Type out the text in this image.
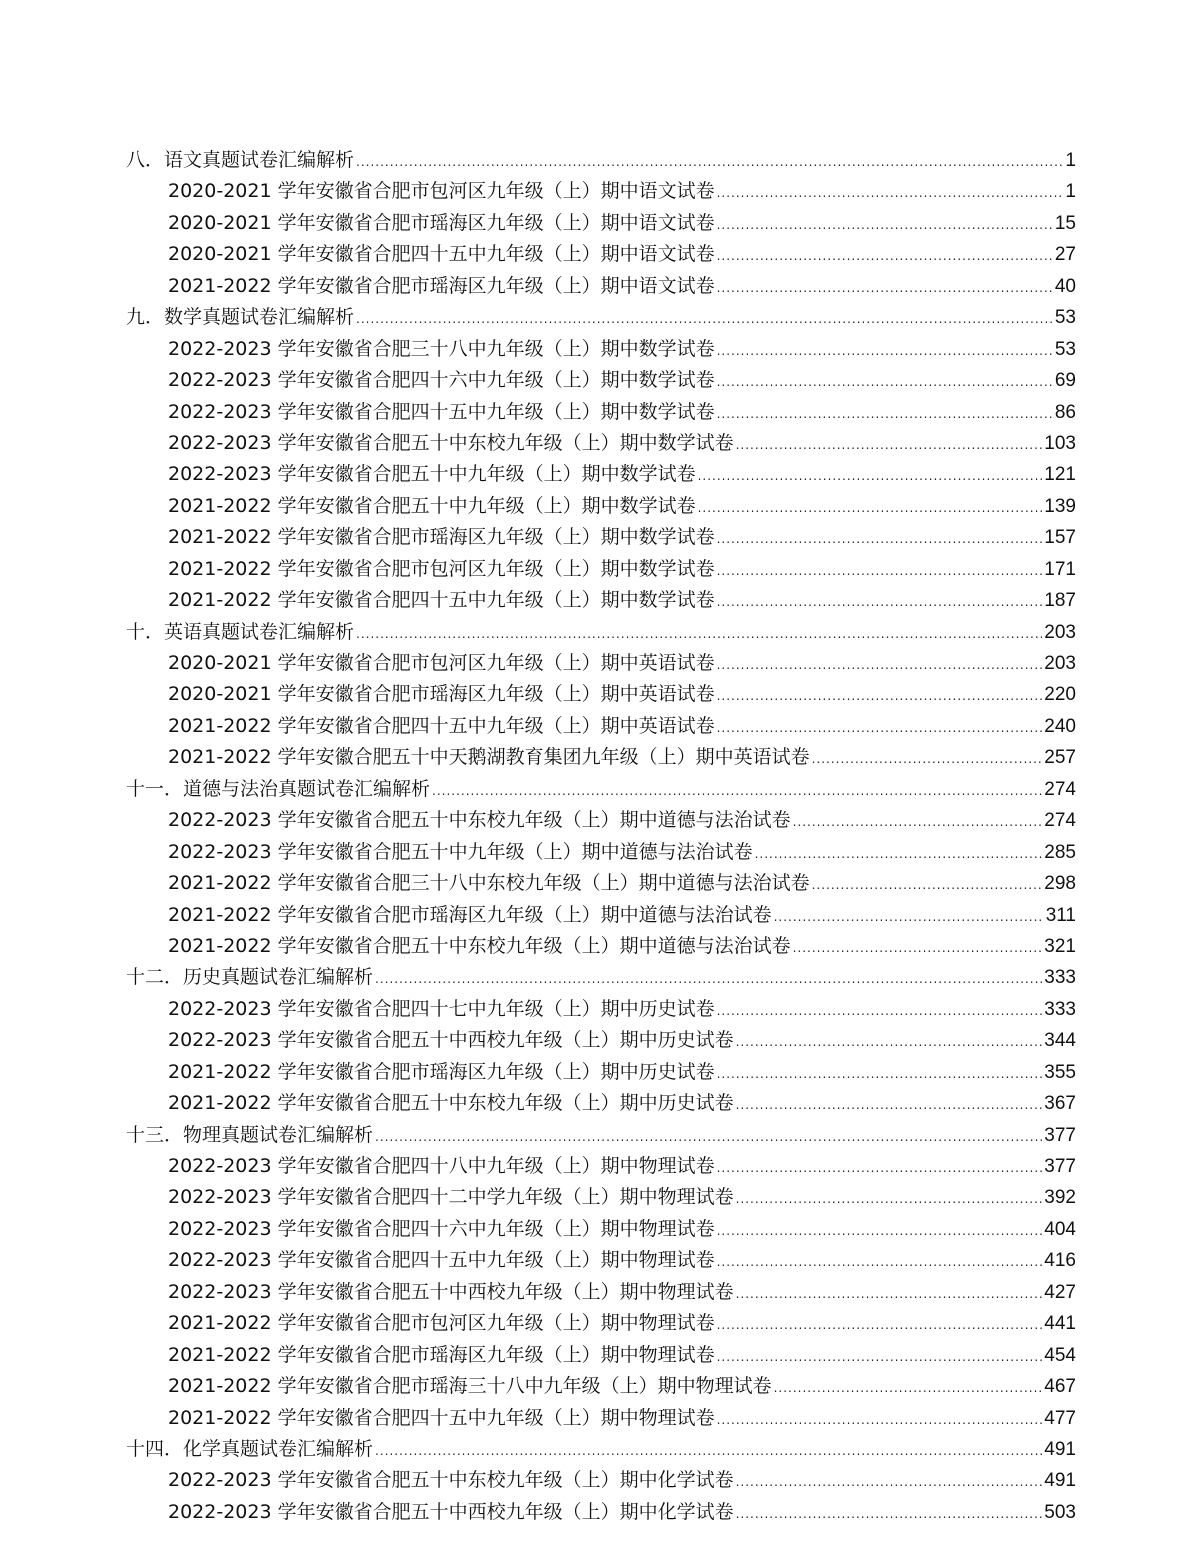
八．语文真题试卷汇编解析 .....	1
2020-2021 学年安徽省合肥市包河区九年级（上）期中语文试卷 .....	1
2020-2021 学年安徽省合肥市瑶海区九年级（上）期中语文试卷 .....	15
2020-2021 学年安徽省合肥四十五中九年级（上）期中语文试卷 .....	27
2021-2022 学年安徽省合肥市瑶海区九年级（上）期中语文试卷 .....	40
九．数学真题试卷汇编解析 .....	53
2022-2023 学年安徽省合肥三十八中九年级（上）期中数学试卷 .....	53
2022-2023 学年安徽省合肥四十六中九年级（上）期中数学试卷 .....	69
2022-2023 学年安徽省合肥四十五中九年级（上）期中数学试卷 .....	86
2022-2023 学年安徽省合肥五十中东校九年级（上）期中数学试卷 .....	103
2022-2023 学年安徽省合肥五十中九年级（上）期中数学试卷 .....	121
2021-2022 学年安徽省合肥五十中九年级（上）期中数学试卷 .....	139
2021-2022 学年安徽省合肥市瑶海区九年级（上）期中数学试卷 .....	157
2021-2022 学年安徽省合肥市包河区九年级（上）期中数学试卷 .....	171
2021-2022 学年安徽省合肥四十五中九年级（上）期中数学试卷 .....	187
十．英语真题试卷汇编解析 .....	203
2020-2021 学年安徽省合肥市包河区九年级（上）期中英语试卷 .....	203
2020-2021 学年安徽省合肥市瑶海区九年级（上）期中英语试卷 .....	220
2021-2022 学年安徽省合肥四十五中九年级（上）期中英语试卷 .....	240
2021-2022 学年安徽合肥五十中天鹅湖教育集团九年级（上）期中英语试卷 .....	257
十一．道德与法治真题试卷汇编解析 .....	274
2022-2023 学年安徽省合肥五十中东校九年级（上）期中道德与法治试卷 .....	274
2022-2023 学年安徽省合肥五十中九年级（上）期中道德与法治试卷 .....	285
2021-2022 学年安徽省合肥三十八中东校九年级（上）期中道德与法治试卷 .....	298
2021-2022 学年安徽省合肥市瑶海区九年级（上）期中道德与法治试卷 .....	311
2021-2022 学年安徽省合肥五十中东校九年级（上）期中道德与法治试卷 .....	321
十二．历史真题试卷汇编解析 .....	333
2022-2023 学年安徽省合肥四十七中九年级（上）期中历史试卷 .....	333
2022-2023 学年安徽省合肥五十中西校九年级（上）期中历史试卷 .....	344
2021-2022 学年安徽省合肥市瑶海区九年级（上）期中历史试卷 .....	355
2021-2022 学年安徽省合肥五十中东校九年级（上）期中历史试卷 .....	367
十三．物理真题试卷汇编解析 .....	377
2022-2023 学年安徽省合肥四十八中九年级（上）期中物理试卷 .....	377
2022-2023 学年安徽省合肥四十二中学九年级（上）期中物理试卷 .....	392
2022-2023 学年安徽省合肥四十六中九年级（上）期中物理试卷 .....	404
2022-2023 学年安徽省合肥四十五中九年级（上）期中物理试卷 .....	416
2022-2023 学年安徽省合肥五十中西校九年级（上）期中物理试卷 .....	427
2021-2022 学年安徽省合肥市包河区九年级（上）期中物理试卷 .....	441
2021-2022 学年安徽省合肥市瑶海区九年级（上）期中物理试卷 .....	454
2021-2022 学年安徽省合肥市瑶海三十八中九年级（上）期中物理试卷 .....	467
2021-2022 学年安徽省合肥四十五中九年级（上）期中物理试卷 .....	477
十四．化学真题试卷汇编解析 .....	491
2022-2023 学年安徽省合肥五十中东校九年级（上）期中化学试卷 .....	491
2022-2023 学年安徽省合肥五十中西校九年级（上）期中化学试卷 .....	503
